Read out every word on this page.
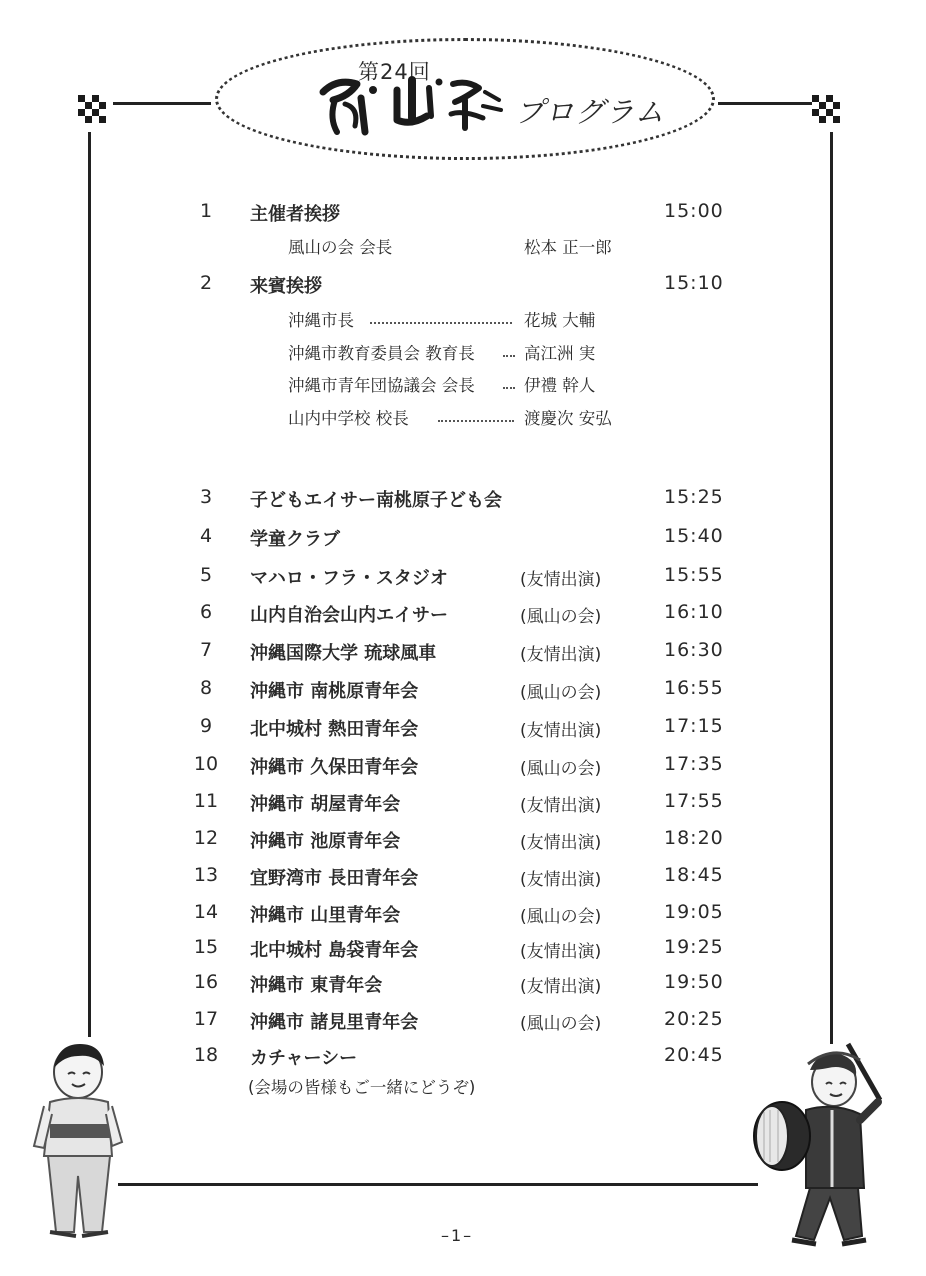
第24回
プログラム
1	主催者挨拶	15:00
風山の会 会長	松本 正一郎
2	来賓挨拶	15:10
沖縄市長	花城 大輔
沖縄市教育委員会 教育長	高江洲 実
沖縄市青年団協議会 会長	伊禮 幹人
山内中学校 校長	渡慶次 安弘
3	子どもエイサー南桃原子ども会	15:25
4	学童クラブ	15:40
5	マハロ・フラ・スタジオ	(友情出演)	15:55
6	山内自治会山内エイサー	(風山の会)	16:10
7	沖縄国際大学 琉球風車	(友情出演)	16:30
8	沖縄市 南桃原青年会	(風山の会)	16:55
9	北中城村 熱田青年会	(友情出演)	17:15
10 沖縄市 久保田青年会	(風山の会)	17:35
11 沖縄市 胡屋青年会	(友情出演)	17:55
12 沖縄市 池原青年会	(友情出演)	18:20
13 宜野湾市 長田青年会	(友情出演)	18:45
14 沖縄市 山里青年会	(風山の会)	19:05
15 北中城村 島袋青年会	(友情出演)	19:25
16 沖縄市 東青年会	(友情出演)	19:50
17 沖縄市 諸見里青年会	(風山の会)	20:25
18 カチャーシー	20:45
(会場の皆様もご一緒にどうぞ)
–1–
